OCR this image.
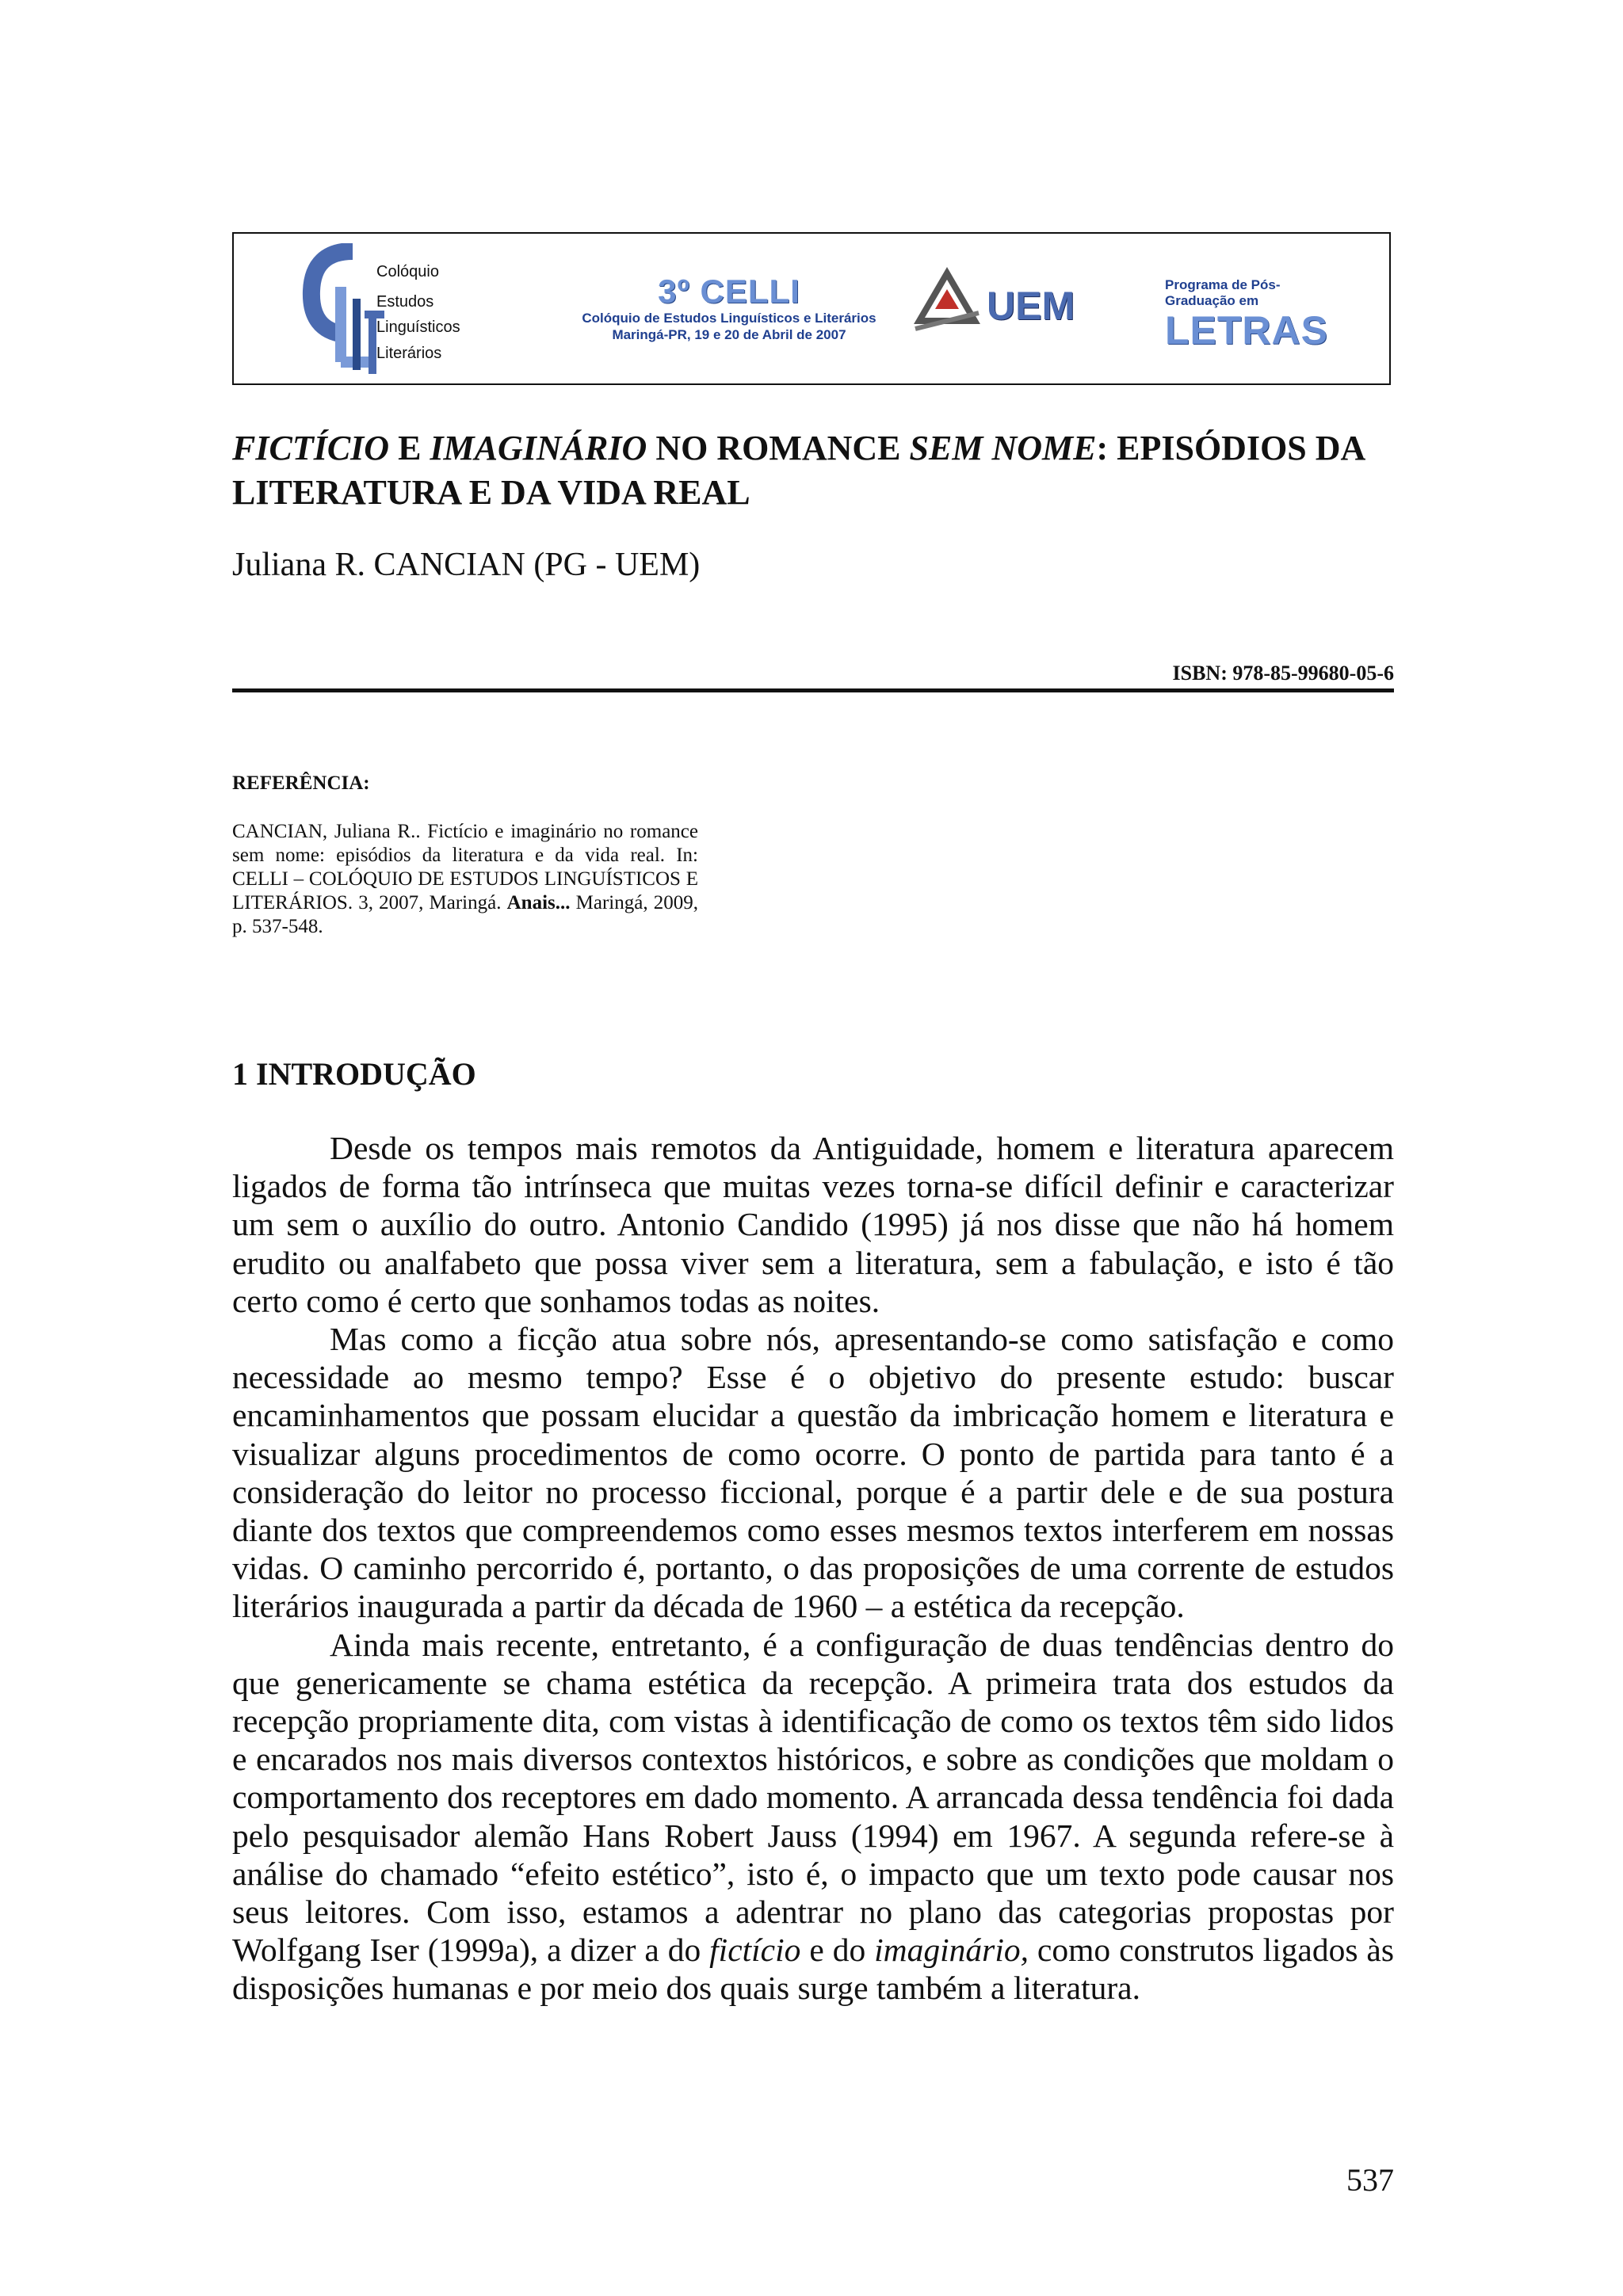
Colóquio
Estudos
Linguísticos
Literários
3º CELLI
Colóquio de Estudos Linguísticos e Literários
Maringá-PR, 19 e 20 de Abril de 2007
UEM	Programa de Pós-Graduação em
LETRAS
FICTÍCIO E IMAGINÁRIO NO ROMANCE SEM NOME: EPISÓDIOS DA LITERATURA E DA VIDA REAL
Juliana R. CANCIAN (PG - UEM)
ISBN: 978-85-99680-05-6
REFERÊNCIA:
CANCIAN, Juliana R.. Fictício e imaginário no romance sem nome: episódios da literatura e da vida real. In: CELLI – COLÓQUIO DE ESTUDOS LINGUÍSTICOS E LITERÁRIOS. 3, 2007, Maringá. Anais... Maringá, 2009, p. 537-548.
1 INTRODUÇÃO

Desde os tempos mais remotos da Antiguidade, homem e literatura aparecem ligados de forma tão intrínseca que muitas vezes torna-se difícil definir e caracterizar um sem o auxílio do outro. Antonio Candido (1995) já nos disse que não há homem erudito ou analfabeto que possa viver sem a literatura, sem a fabulação, e isto é tão certo como é certo que sonhamos todas as noites.

Mas como a ficção atua sobre nós, apresentando-se como satisfação e como necessidade ao mesmo tempo? Esse é o objetivo do presente estudo: buscar encaminhamentos que possam elucidar a questão da imbricação homem e literatura e visualizar alguns procedimentos de como ocorre. O ponto de partida para tanto é a consideração do leitor no processo ficcional, porque é a partir dele e de sua postura diante dos textos que compreendemos como esses mesmos textos interferem em nossas vidas. O caminho percorrido é, portanto, o das proposições de uma corrente de estudos literários inaugurada a partir da década de 1960 – a estética da recepção.

Ainda mais recente, entretanto, é a configuração de duas tendências dentro do que genericamente se chama estética da recepção. A primeira trata dos estudos da recepção propriamente dita, com vistas à identificação de como os textos têm sido lidos e encarados nos mais diversos contextos históricos, e sobre as condições que moldam o comportamento dos receptores em dado momento. A arrancada dessa tendência foi dada pelo pesquisador alemão Hans Robert Jauss (1994) em 1967. A segunda refere-se à análise do chamado “efeito estético”, isto é, o impacto que um texto pode causar nos seus leitores. Com isso, estamos a adentrar no plano das categorias propostas por Wolfgang Iser (1999a), a dizer a do fictício e do imaginário, como construtos ligados às disposições humanas e por meio dos quais surge também a literatura.

537
